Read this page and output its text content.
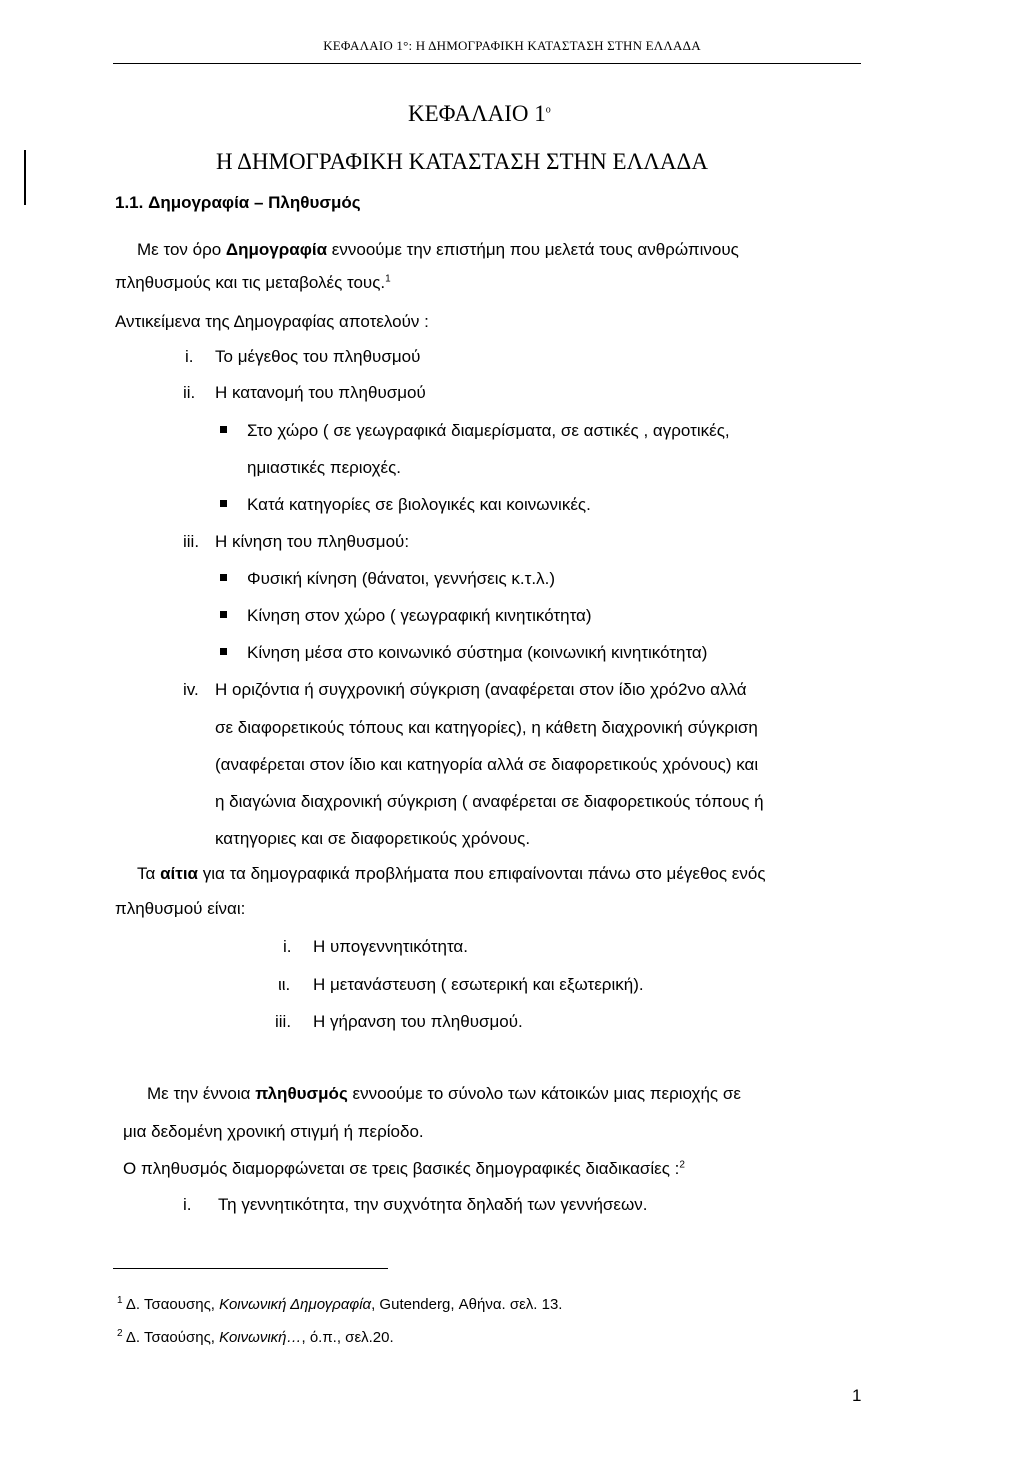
ΚΕΦΑΛΑΙΟ 1°: Η ΔΗΜΟΓΡΑΦΙΚΗ ΚΑΤΑΣΤΑΣΗ ΣΤΗΝ ΕΛΛΑΔΑ
ΚΕΦΑΛΑΙΟ $1^o$
Η ΔΗΜΟΓΡΑΦΙΚΗ ΚΑΤΑΣΤΑΣΗ ΣΤΗΝ ΕΛΛΑΔΑ
1.1. Δημογραφία – Πληθυσμός
Με τον όρο Δημογραφία εννοούμε την επιστήμη που μελετά τους ανθρώπινους
πληθυσμούς και τις μεταβολές τους.$^1$
Αντικείμενα της Δημογραφίας αποτελούν :
i. Το μέγεθος του πληθυσμού
ii. Η κατανομή του πληθυσμού
Στο χώρο ( σε γεωγραφικά διαμερίσματα, σε αστικές , αγροτικές,
ημιαστικές περιοχές.
Κατά κατηγορίες σε βιολογικές και κοινωνικές.
iii. Η κίνηση του πληθυσμού:
Φυσική κίνηση (θάνατοι, γεννήσεις κ.τ.λ.)
Κίνηση στον χώρο ( γεωγραφική κινητικότητα)
Κίνηση μέσα στο κοινωνικό σύστημα (κοινωνική κινητικότητα)
iv. Η οριζόντια ή συγχρονική σύγκριση (αναφέρεται στον ίδιο χρό2νο αλλά
σε διαφορετικούς τόπους και κατηγορίες), η κάθετη διαχρονική σύγκριση
(αναφέρεται στον ίδιο και κατηγορία αλλά σε διαφορετικούς χρόνους) και
η διαγώνια διαχρονική σύγκριση ( αναφέρεται σε διαφορετικούς τόπους ή
κατηγοριες και σε διαφορετικούς χρόνους.
Τα αίτια για τα δημογραφικά προβλήματα που επιφαίνονται πάνω στο μέγεθος ενός
πληθυσμού είναι:
i. Η υπογεννητικότητα.
ιι. Η μετανάστευση ( εσωτερική και εξωτερική).
iii. Η γήρανση του πληθυσμού.
Με την έννοια πληθυσμός εννοούμε το σύνολο των κάτοικών μιας περιοχής σε
μια δεδομένη χρονική στιγμή ή περίοδο.
Ο πληθυσμός διαμορφώνεται σε τρεις βασικές δημογραφικές διαδικασίες :$^2$
i. Τη γεννητικότητα, την συχνότητα δηλαδή των γεννήσεων.
$^1$ Δ. Τσαουσης, Κοινωνική Δημογραφία, Gutenderg, Αθήνα. σελ. 13.
$^2$ Δ. Τσαούσης, Κοινωνική…, ό.π., σελ.20.
1
